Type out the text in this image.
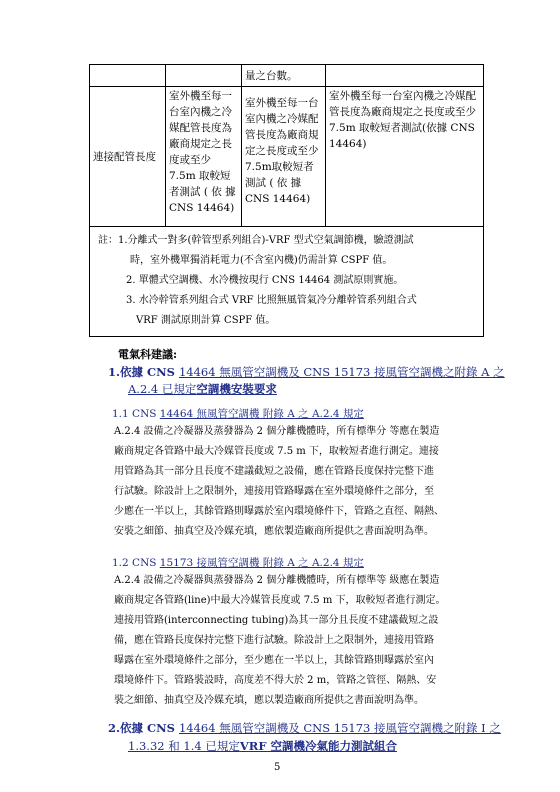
		量之台數。	
連接配管長度	室外機至每一台室內機之冷媒配管長度為廠商規定之長度或至少 7.5m 取較短者測試 ( 依 據 CNS 14464)	室外機至每一台室內機之冷媒配管長度為廠商規定之長度或至少7.5m取較短者測試 ( 依 據 CNS 14464)	室外機至每一台室內機之冷媒配管長度為廠商規定之長度或至少 7.5m 取較短者測試(依據 CNS 14464)

註：1.分離式一對多(幹管型系列組合)-VRF 型式空氣調節機，驗證測試
時，室外機單獨消耗電力(不含室內機)仍需計算 CSPF 值。
2. 單體式空調機、水冷機按現行 CNS 14464 測試原則實施。
3. 水冷幹管系列組合式 VRF 比照無風管氣冷分離幹管系列組合式
VRF 測試原則計算 CSPF 值。			
電氣科建議:
1.依據 CNS 14464 無風管空調機及 CNS 15173 接風管空調機之附錄 A 之
A.2.4 已規定空調機安裝要求
1.1 CNS 14464 無風管空調機 附錄 A 之 A.2.4 規定
A.2.4 設備之冷凝器及蒸發器為 2 個分離機體時，所有標準分 等應在製造
廠商規定各管路中最大冷媒管長度或 7.5 m 下，取較短者進行測定。連接
用管路為其一部分且長度不建議截短之設備，應在管路長度保持完整下進
行試驗。除設計上之限制外，連接用管路曝露在室外環境條件之部分，至
少應在一半以上，其餘管路則曝露於室內環境條件下，管路之直徑、隔熱、
安裝之細節、抽真空及冷媒充填，應依製造廠商所提供之書面說明為準。
1.2 CNS 15173 接風管空調機 附錄 A 之 A.2.4 規定
A.2.4 設備之冷凝器與蒸發器為 2 個分離機體時，所有標準等 級應在製造
廠商規定各管路(line)中最大冷媒管長度或 7.5 m 下，取較短者進行測定。
連接用管路(interconnecting tubing)為其一部分且長度不建議截短之設
備，應在管路長度保持完整下進行試驗。除設計上之限制外，連接用管路
曝露在室外環境條件之部分，至少應在一半以上，其餘管路則曝露於室內
環境條件下。管路裝設時，高度差不得大於 2 m，管路之管徑、隔熱、安
裝之細節、抽真空及冷媒充填，應以製造廠商所提供之書面說明為準。
2.依據 CNS 14464 無風管空調機及 CNS 15173 接風管空調機之附錄 I 之
1.3.32 和 1.4 已規定VRF 空調機冷氣能力測試組合
5
